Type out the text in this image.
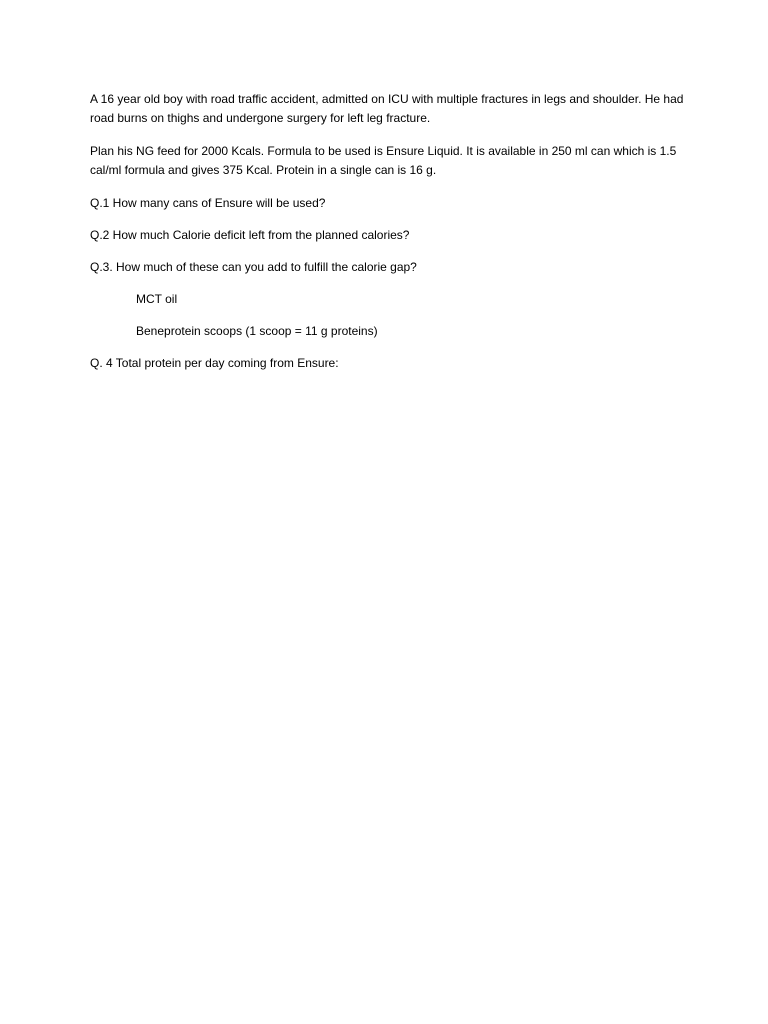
A 16 year old boy with road traffic accident, admitted on ICU with multiple fractures in legs and shoulder. He had road burns on thighs and undergone surgery for left leg fracture.

Plan his NG feed for 2000 Kcals. Formula to be used is Ensure Liquid. It is available in 250 ml can which is 1.5 cal/ml formula and gives 375 Kcal. Protein in a single can is 16 g.

Q.1 How many cans of Ensure will be used?

Q.2 How much Calorie deficit left from the planned calories?

Q.3. How much of these can you add to fulfill the calorie gap?

MCT oil

Beneprotein scoops (1 scoop = 11 g proteins)

Q. 4 Total protein per day coming from Ensure:
